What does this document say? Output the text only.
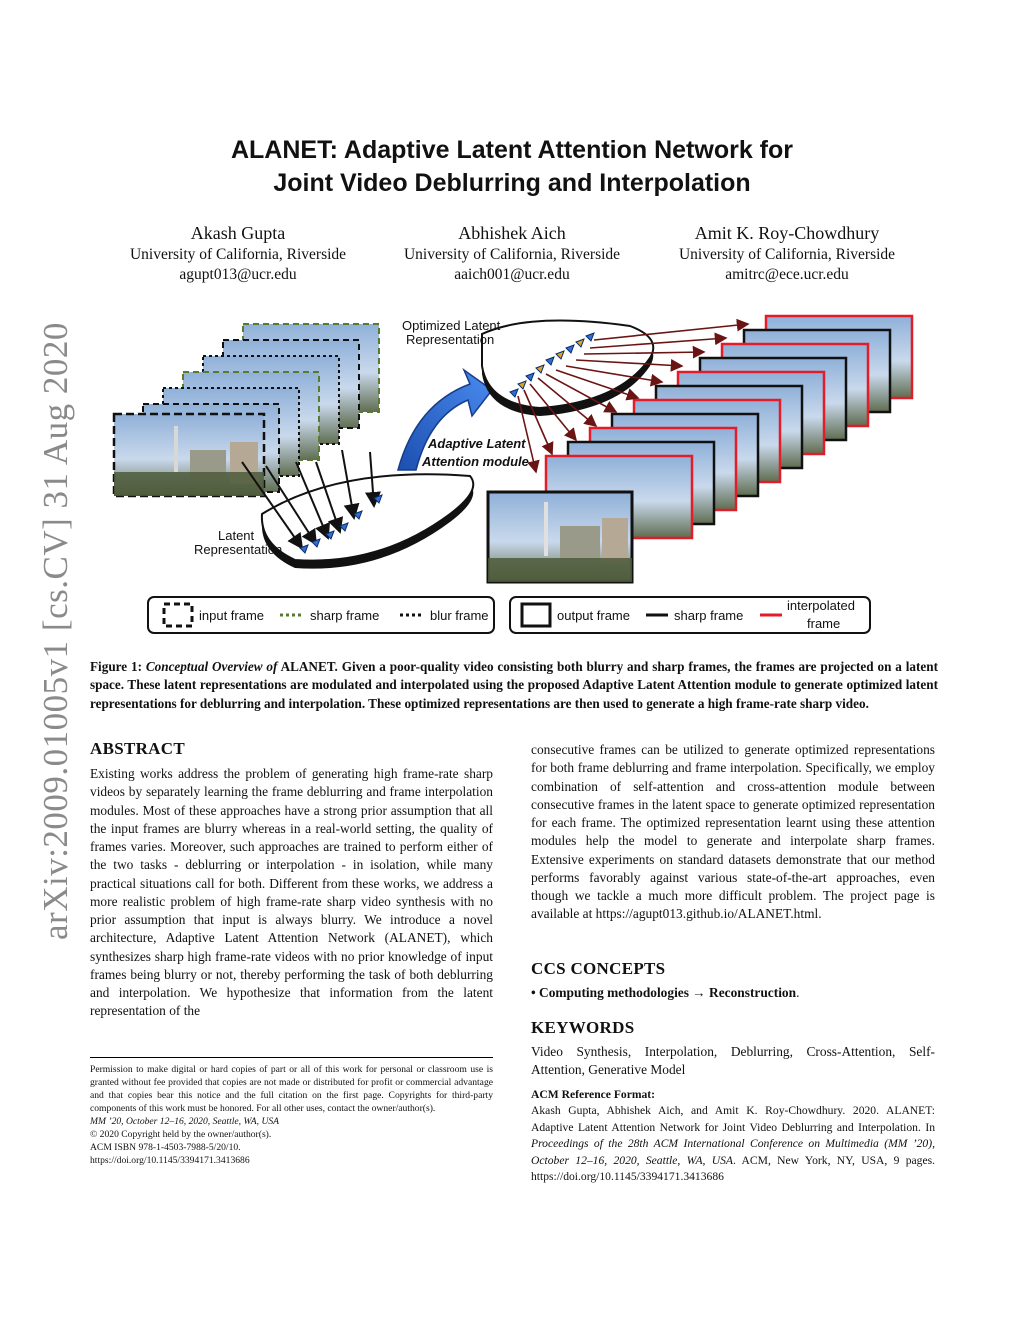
arXiv:2009.01005v1 [cs.CV] 31 Aug 2020
ALANET: Adaptive Latent Attention Network for
Joint Video Deblurring and Interpolation
Akash Gupta
University of California, Riverside
agupt013@ucr.edu
Abhishek Aich
University of California, Riverside
aaich001@ucr.edu
Amit K. Roy-Chowdhury
University of California, Riverside
amitrc@ece.ucr.edu
Latent
Representation
Adaptive Latent
Attention module
Optimized Latent
Representation
input frame	sharp frame	blur frame	output frame	sharp frame
interpolated
frame
Figure 1: Conceptual Overview of ALANET. Given a poor-quality video consisting both blurry and sharp frames, the frames are projected on a latent space. These latent representations are modulated and interpolated using the proposed Adaptive Latent Attention module to generate optimized latent representations for deblurring and interpolation. These optimized representations are then used to generate a high frame-rate sharp video.
ABSTRACT
Existing works address the problem of generating high frame-rate sharp videos by separately learning the frame deblurring and frame interpolation modules. Most of these approaches have a strong prior assumption that all the input frames are blurry whereas in a real-world setting, the quality of frames varies. Moreover, such approaches are trained to perform either of the two tasks - deblurring or interpolation - in isolation, while many practical situations call for both. Different from these works, we address a more realistic problem of high frame-rate sharp video synthesis with no prior assumption that input is always blurry. We introduce a novel architecture, Adaptive Latent Attention Network (ALANET), which synthesizes sharp high frame-rate videos with no prior knowledge of input frames being blurry or not, thereby performing the task of both deblurring and interpolation. We hypothesize that information from the latent representation of the
Permission to make digital or hard copies of part or all of this work for personal or classroom use is granted without fee provided that copies are not made or distributed for profit or commercial advantage and that copies bear this notice and the full citation on the first page. Copyrights for third-party components of this work must be honored. For all other uses, contact the owner/author(s).
MM ’20, October 12–16, 2020, Seattle, WA, USA
© 2020 Copyright held by the owner/author(s).
ACM ISBN 978-1-4503-7988-5/20/10.
https://doi.org/10.1145/3394171.3413686
consecutive frames can be utilized to generate optimized representations for both frame deblurring and frame interpolation. Specifically, we employ combination of self-attention and cross-attention module between consecutive frames in the latent space to generate optimized representation for each frame. The optimized representation learnt using these attention modules help the model to generate and interpolate sharp frames. Extensive experiments on standard datasets demonstrate that our method performs favorably against various state-of-the-art approaches, even though we tackle a much more difficult problem. The project page is available at https://agupt013.github.io/ALANET.html.
CCS CONCEPTS
• Computing methodologies → Reconstruction.
KEYWORDS
Video Synthesis, Interpolation, Deblurring, Cross-Attention, Self-Attention, Generative Model
ACM Reference Format:
Akash Gupta, Abhishek Aich, and Amit K. Roy-Chowdhury. 2020. ALANET: Adaptive Latent Attention Network for Joint Video Deblurring and Interpolation. In Proceedings of the 28th ACM International Conference on Multimedia (MM ’20), October 12–16, 2020, Seattle, WA, USA. ACM, New York, NY, USA, 9 pages. https://doi.org/10.1145/3394171.3413686
